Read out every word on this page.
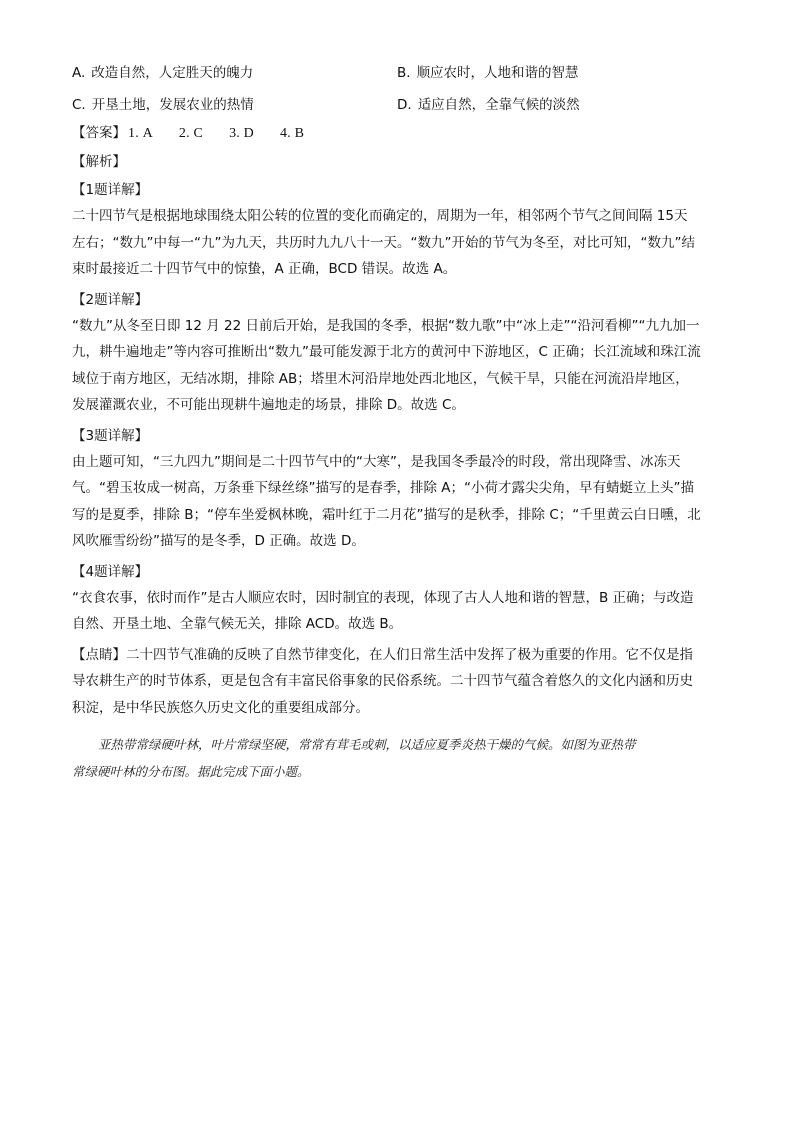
A. 改造自然，人定胜天的魄力	B. 顺应农时，人地和谐的智慧
C. 开垦土地，发展农业的热情	D. 适应自然，全靠气候的淡然
【答案】 1. A 2. C 3. D 4. B
【解析】
【1题详解】

二十四节气是根据地球围绕太阳公转的位置的变化而确定的，周期为一年，相邻两个节气之间间隔 15天

左右；“数九”中每一“九”为九天，共历时九九八十一天。“数九”开始的节气为冬至，对比可知，“数九”结

束时最接近二十四节气中的惊蛰，A 正确，BCD 错误。故选 A。

【2题详解】

“数九”从冬至日即 12 月 22 日前后开始，是我国的冬季，根据“数九歌”中“冰上走”“沿河看柳”“九九加一

九，耕牛遍地走”等内容可推断出“数九”最可能发源于北方的黄河中下游地区，C 正确；长江流域和珠江流

域位于南方地区，无结冰期，排除 AB；塔里木河沿岸地处西北地区，气候干旱，只能在河流沿岸地区，

发展灌溉农业，不可能出现耕牛遍地走的场景，排除 D。故选 C。

【3题详解】

由上题可知，“三九四九”期间是二十四节气中的“大寒”，是我国冬季最冷的时段，常出现降雪、冰冻天

气。“碧玉妆成一树高，万条垂下绿丝绦”描写的是春季，排除 A；“小荷才露尖尖角，早有蜻蜓立上头”描

写的是夏季，排除 B；“停车坐爱枫林晚，霜叶红于二月花”描写的是秋季，排除 C；“千里黄云白日曛，北

风吹雁雪纷纷”描写的是冬季，D 正确。故选 D。

【4题详解】

“衣食农事，依时而作”是古人顺应农时，因时制宜的表现，体现了古人人地和谐的智慧，B 正确；与改造

自然、开垦土地、全靠气候无关，排除 ACD。故选 B。

【点睛】二十四节气准确的反映了自然节律变化，在人们日常生活中发挥了极为重要的作用。它不仅是指

导农耕生产的时节体系，更是包含有丰富民俗事象的民俗系统。二十四节气蕴含着悠久的文化内涵和历史

积淀，是中华民族悠久历史文化的重要组成部分。

亚热带常绿硬叶林，叶片常绿坚硬，常常有茸毛或刺，以适应夏季炎热干燥的气候。如图为亚热带
常绿硬叶林的分布图。据此完成下面小题。
